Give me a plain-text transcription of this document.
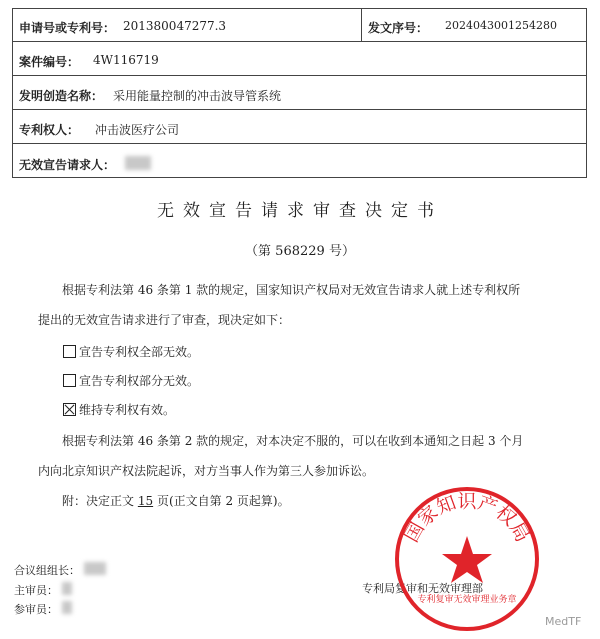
申请号或专利号： 201380047277.3	发文序号： 2024043001254280
案件编号： 4W116719
发明创造名称： 采用能量控制的冲击波导管系统
专利权人： 冲击波医疗公司
无效宣告请求人：
无效宣告请求审查决定书
（第 568229 号）
根据专利法第 46 条第 1 款的规定，国家知识产权局对无效宣告请求人就上述专利权所
提出的无效宣告请求进行了审查，现决定如下：
宣告专利权全部无效。
宣告专利权部分无效。
维持专利权有效。
根据专利法第 46 条第 2 款的规定，对本决定不服的，可以在收到本通知之日起 3 个月
内向北京知识产权法院起诉，对方当事人作为第三人参加诉讼。
附：决定正文 15 页(正文自第 2 页起算)。
合议组组长：
主审员：
参审员：
专利局复审和无效审理部
国家知识产权局
专利复审无效审理业务章
MedTF
